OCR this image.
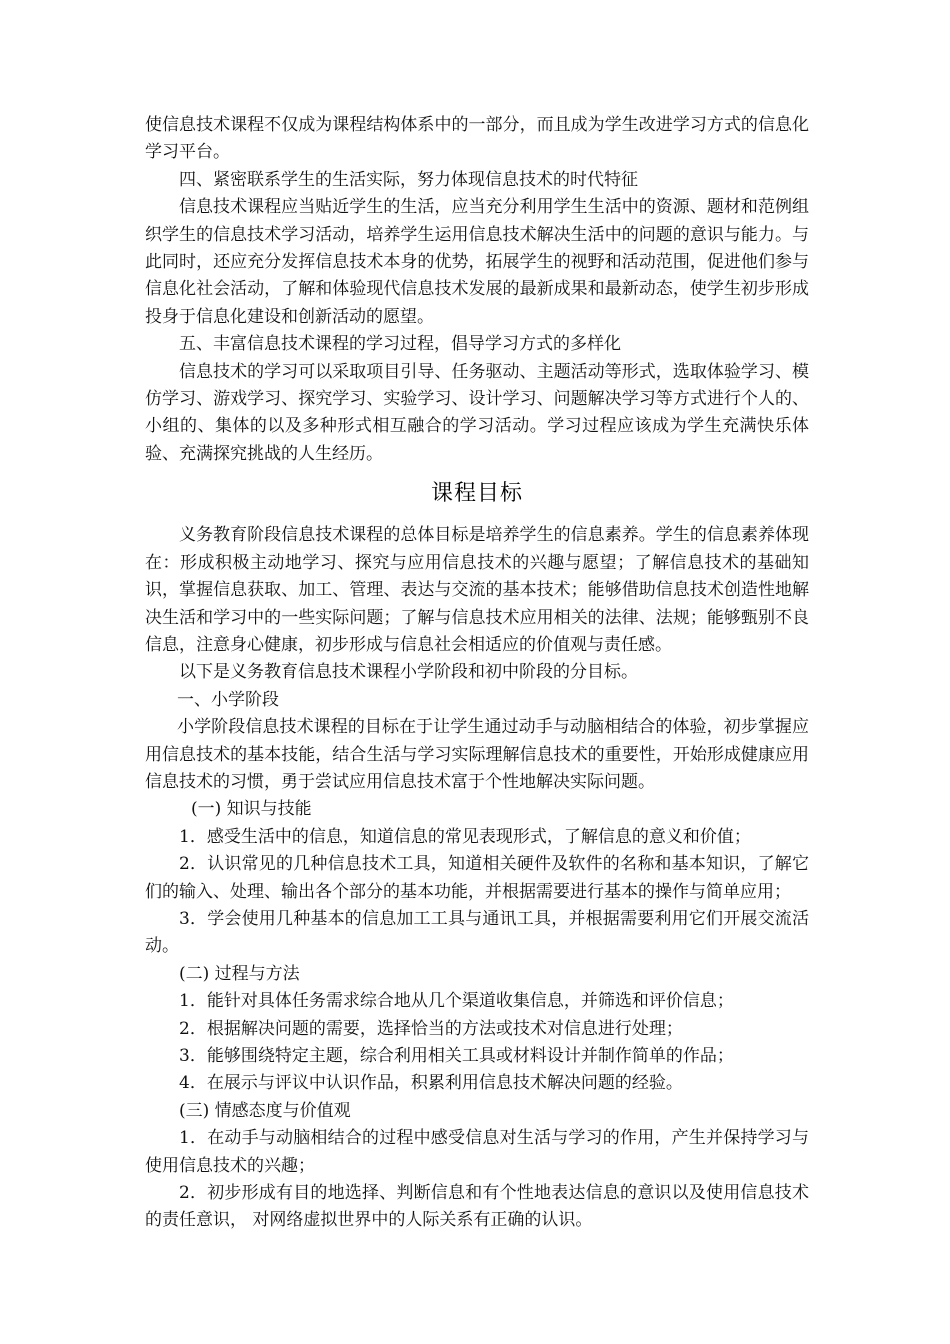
使信息技术课程不仅成为课程结构体系中的一部分，而且成为学生改进学习方式的信息化学习平台。

四、紧密联系学生的生活实际，努力体现信息技术的时代特征

信息技术课程应当贴近学生的生活，应当充分利用学生生活中的资源、题材和范例组织学生的信息技术学习活动，培养学生运用信息技术解决生活中的问题的意识与能力。与此同时，还应充分发挥信息技术本身的优势，拓展学生的视野和活动范围，促进他们参与信息化社会活动，了解和体验现代信息技术发展的最新成果和最新动态，使学生初步形成投身于信息化建设和创新活动的愿望。

五、丰富信息技术课程的学习过程，倡导学习方式的多样化

信息技术的学习可以采取项目引导、任务驱动、主题活动等形式，选取体验学习、模仿学习、游戏学习、探究学习、实验学习、设计学习、问题解决学习等方式进行个人的、小组的、集体的以及多种形式相互融合的学习活动。学习过程应该成为学生充满快乐体验、充满探究挑战的人生经历。

课程目标

义务教育阶段信息技术课程的总体目标是培养学生的信息素养。学生的信息素养体现在：形成积极主动地学习、探究与应用信息技术的兴趣与愿望；了解信息技术的基础知识，掌握信息获取、加工、管理、表达与交流的基本技术；能够借助信息技术创造性地解决生活和学习中的一些实际问题；了解与信息技术应用相关的法律、法规；能够甄别不良信息，注意身心健康，初步形成与信息社会相适应的价值观与责任感。

以下是义务教育信息技术课程小学阶段和初中阶段的分目标。

一、小学阶段

小学阶段信息技术课程的目标在于让学生通过动手与动脑相结合的体验，初步掌握应用信息技术的基本技能，结合生活与学习实际理解信息技术的重要性，开始形成健康应用信息技术的习惯，勇于尝试应用信息技术富于个性地解决实际问题。

(一) 知识与技能

1．感受生活中的信息，知道信息的常见表现形式，了解信息的意义和价值；

2．认识常见的几种信息技术工具，知道相关硬件及软件的名称和基本知识，了解它们的输入、处理、输出各个部分的基本功能，并根据需要进行基本的操作与简单应用；

3．学会使用几种基本的信息加工工具与通讯工具，并根据需要利用它们开展交流活动。

(二) 过程与方法

1．能针对具体任务需求综合地从几个渠道收集信息，并筛选和评价信息；

2．根据解决问题的需要，选择恰当的方法或技术对信息进行处理；

3．能够围绕特定主题，综合利用相关工具或材料设计并制作简单的作品；

4．在展示与评议中认识作品，积累利用信息技术解决问题的经验。

(三) 情感态度与价值观

1．在动手与动脑相结合的过程中感受信息对生活与学习的作用，产生并保持学习与使用信息技术的兴趣；

2．初步形成有目的地选择、判断信息和有个性地表达信息的意识以及使用信息技术的责任意识， 对网络虚拟世界中的人际关系有正确的认识。
